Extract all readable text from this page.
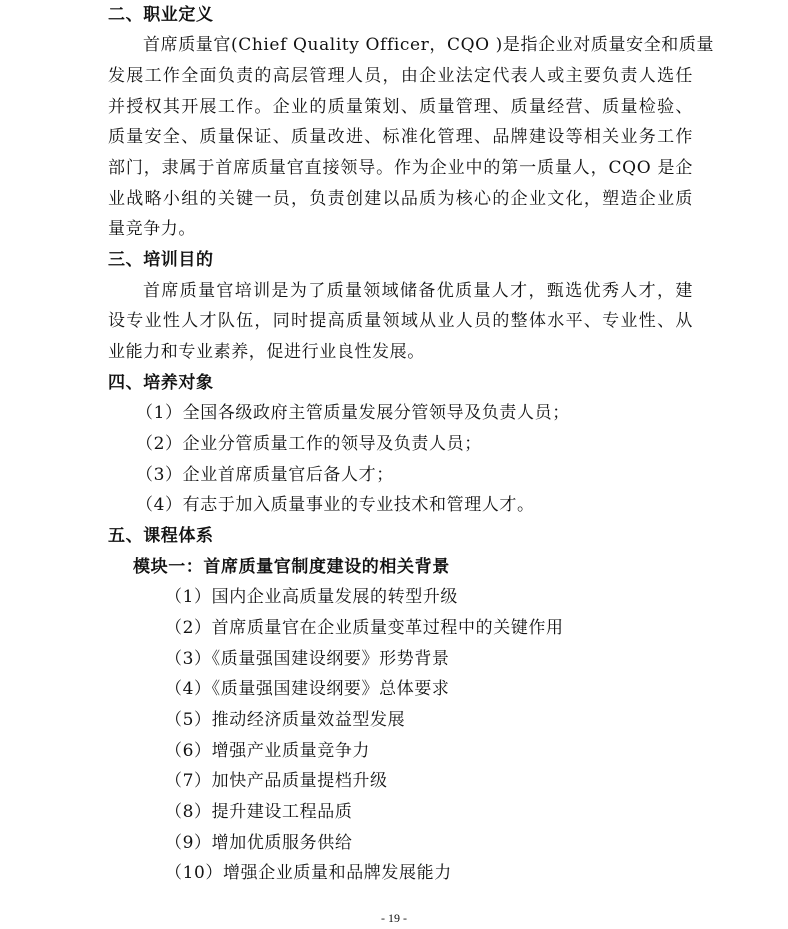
二、职业定义
首席质量官(Chief Quality Officer，CQO )是指企业对质量安全和质量
发展工作全面负责的高层管理人员，由企业法定代表人或主要负责人选任
并授权其开展工作。企业的质量策划、质量管理、质量经营、质量检验、
质量安全、质量保证、质量改进、标准化管理、品牌建设等相关业务工作
部门，隶属于首席质量官直接领导。作为企业中的第一质量人，CQO 是企
业战略小组的关键一员，负责创建以品质为核心的企业文化，塑造企业质
量竞争力。
三、培训目的
首席质量官培训是为了质量领域储备优质量人才，甄选优秀人才，建
设专业性人才队伍，同时提高质量领域从业人员的整体水平、专业性、从
业能力和专业素养，促进行业良性发展。
四、培养对象
（1）全国各级政府主管质量发展分管领导及负责人员；
（2）企业分管质量工作的领导及负责人员；
（3）企业首席质量官后备人才；
（4）有志于加入质量事业的专业技术和管理人才。
五、课程体系
模块一：首席质量官制度建设的相关背景
（1）国内企业高质量发展的转型升级
（2）首席质量官在企业质量变革过程中的关键作用
（3）《质量强国建设纲要》形势背景
（4）《质量强国建设纲要》总体要求
（5）推动经济质量效益型发展
（6）增强产业质量竞争力
（7）加快产品质量提档升级
（8）提升建设工程品质
（9）增加优质服务供给
（10）增强企业质量和品牌发展能力
- 19 -
